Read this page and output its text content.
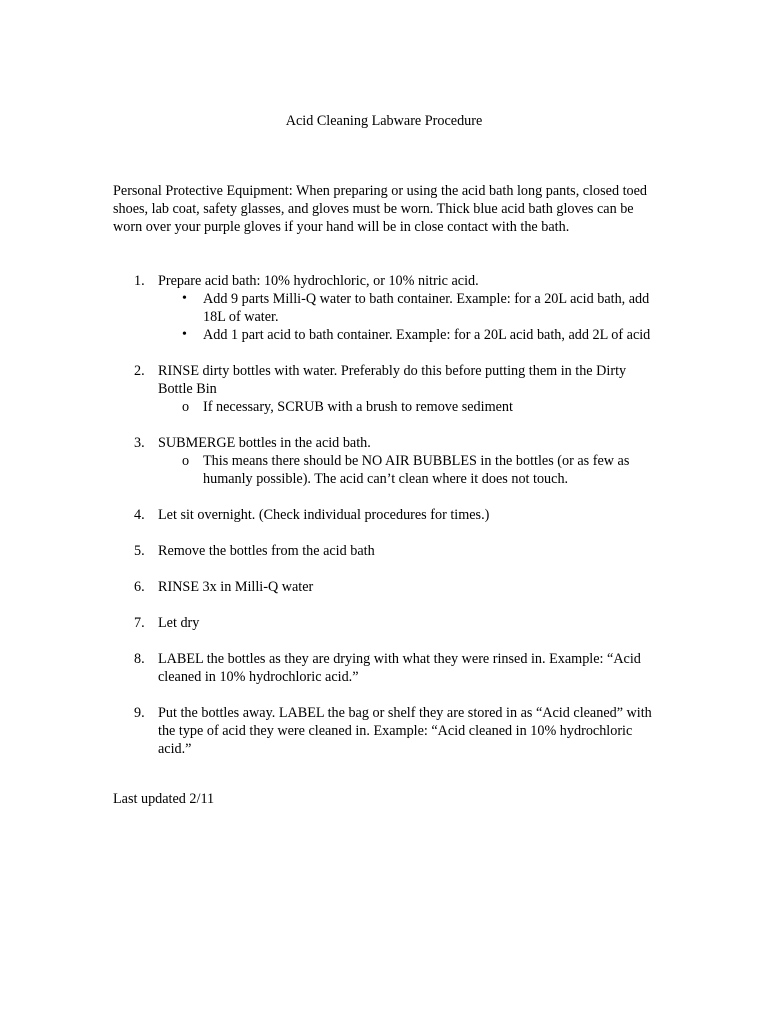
Acid Cleaning Labware Procedure
Personal Protective Equipment: When preparing or using the acid bath long pants, closed toed shoes, lab coat, safety glasses, and gloves must be worn. Thick blue acid bath gloves can be worn over your purple gloves if your hand will be in close contact with the bath.
1. Prepare acid bath: 10% hydrochloric, or 10% nitric acid.
• Add 9 parts Milli-Q water to bath container. Example: for a 20L acid bath, add 18L of water.
• Add 1 part acid to bath container. Example: for a 20L acid bath, add 2L of acid
2. RINSE dirty bottles with water. Preferably do this before putting them in the Dirty Bottle Bin
o If necessary, SCRUB with a brush to remove sediment
3. SUBMERGE bottles in the acid bath.
o This means there should be NO AIR BUBBLES in the bottles (or as few as humanly possible). The acid can’t clean where it does not touch.
4. Let sit overnight. (Check individual procedures for times.)
5. Remove the bottles from the acid bath
6. RINSE 3x in Milli-Q water
7. Let dry
8. LABEL the bottles as they are drying with what they were rinsed in. Example: “Acid cleaned in 10% hydrochloric acid.”
9. Put the bottles away. LABEL the bag or shelf they are stored in as “Acid cleaned” with the type of acid they were cleaned in. Example: “Acid cleaned in 10% hydrochloric acid.”
Last updated 2/11
